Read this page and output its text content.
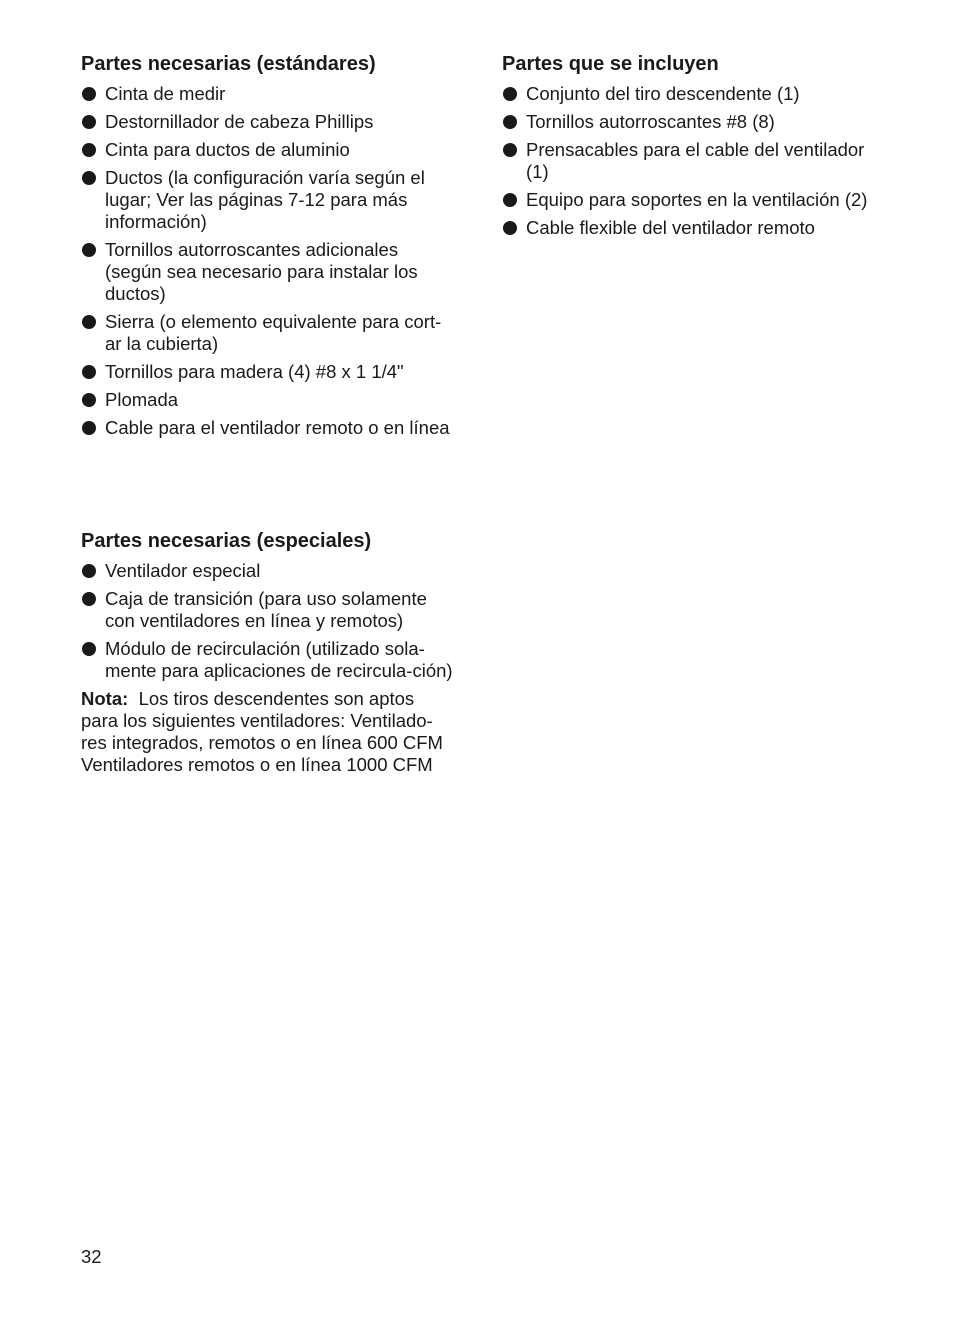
Partes necesarias (estándares)
Cinta de medir
Destornillador de cabeza Phillips
Cinta para ductos de aluminio
Ductos (la configuración varía según el lugar; Ver las páginas 7-12 para más información)
Tornillos autorroscantes adicionales (según sea necesario para instalar los ductos)
Sierra (o elemento equivalente para cort-ar la cubierta)
Tornillos para madera (4) #8 x 1 1/4"
Plomada
Cable para el ventilador remoto o en línea
Partes necesarias (especiales)
Ventilador especial
Caja de transición (para uso solamente con ventiladores en línea y remotos)
Módulo de recirculación (utilizado sola-mente para aplicaciones de recircula-ción)

Nota: Los tiros descendentes son aptos para los siguientes ventiladores: Ventilado-res integrados, remotos o en línea 600 CFM Ventiladores remotos o en línea 1000 CFM

Partes que se incluyen
Conjunto del tiro descendente (1)
Tornillos autorroscantes #8 (8)
Prensacables para el cable del ventilador (1)
Equipo para soportes en la ventilación (2)
Cable flexible del ventilador remoto
32
